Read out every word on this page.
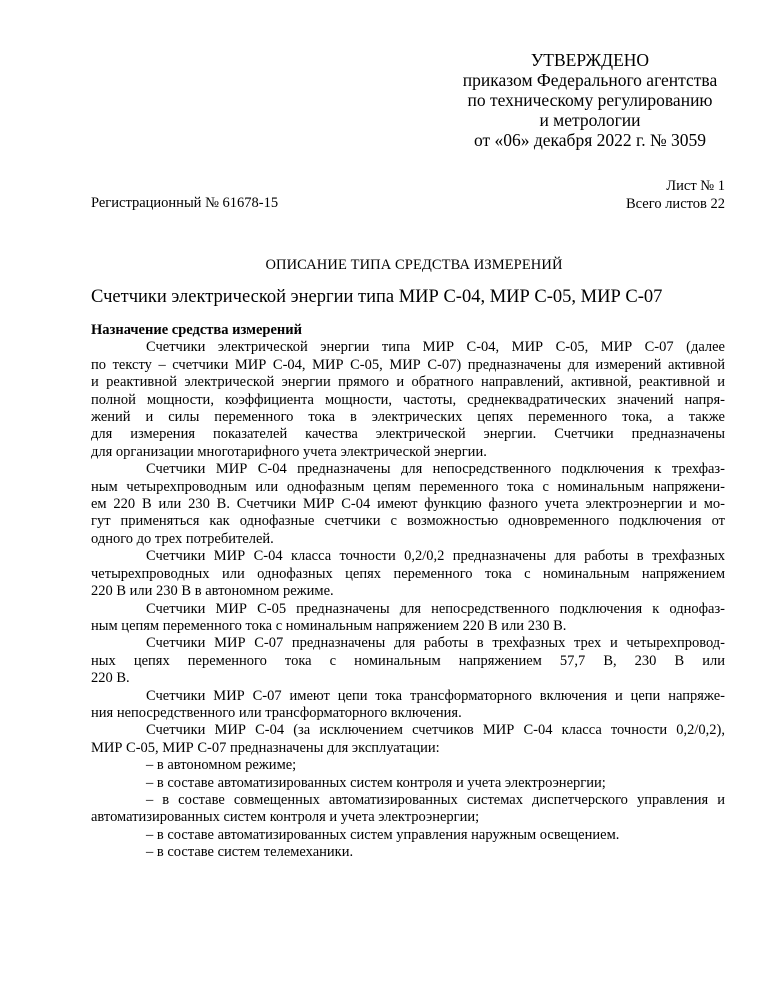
УТВЕРЖДЕНО
приказом Федерального агентства
по техническому регулированию
и метрологии
от «06» декабря 2022 г. № 3059
Лист № 1
Всего листов 22
Регистрационный № 61678-15
ОПИСАНИЕ ТИПА СРЕДСТВА ИЗМЕРЕНИЙ
Счетчики электрической энергии типа МИР С-04, МИР С-05, МИР С-07
Назначение средства измерений
Счетчики электрической энергии типа МИР С-04, МИР С-05, МИР С-07 (далее
по тексту – счетчики МИР С-04, МИР С-05, МИР С-07) предназначены для измерений активной
и реактивной электрической энергии прямого и обратного направлений, активной, реактивной и
полной мощности, коэффициента мощности, частоты, среднеквадратических значений напря-
жений и силы переменного тока в электрических цепях переменного тока, а также
для измерения показателей качества электрической энергии. Счетчики предназначены
для организации многотарифного учета электрической энергии.
Счетчики МИР С-04 предназначены для непосредственного подключения к трехфаз-
ным четырехпроводным или однофазным цепям переменного тока с номинальным напряжени-
ем 220 В или 230 В. Счетчики МИР С-04 имеют функцию фазного учета электроэнергии и мо-
гут применяться как однофазные счетчики с возможностью одновременного подключения от
одного до трех потребителей.
Счетчики МИР С-04 класса точности 0,2/0,2 предназначены для работы в трехфазных
четырехпроводных или однофазных цепях переменного тока с номинальным напряжением
220 В или 230 В в автономном режиме.
Счетчики МИР С-05 предназначены для непосредственного подключения к однофаз-
ным цепям переменного тока с номинальным напряжением 220 В или 230 В.
Счетчики МИР С-07 предназначены для работы в трехфазных трех и четырехпровод-
ных цепях переменного тока с номинальным напряжением 57,7 В, 230 В или
220 В.
Счетчики МИР С-07 имеют цепи тока трансформаторного включения и цепи напряже-
ния непосредственного или трансформаторного включения.
Счетчики МИР С-04 (за исключением счетчиков МИР С-04 класса точности 0,2/0,2),
МИР С-05, МИР С-07 предназначены для эксплуатации:
– в автономном режиме;
– в составе автоматизированных систем контроля и учета электроэнергии;
– в составе совмещенных автоматизированных системах диспетчерского управления и
автоматизированных систем контроля и учета электроэнергии;
– в составе автоматизированных систем управления наружным освещением.
– в составе систем телемеханики.
